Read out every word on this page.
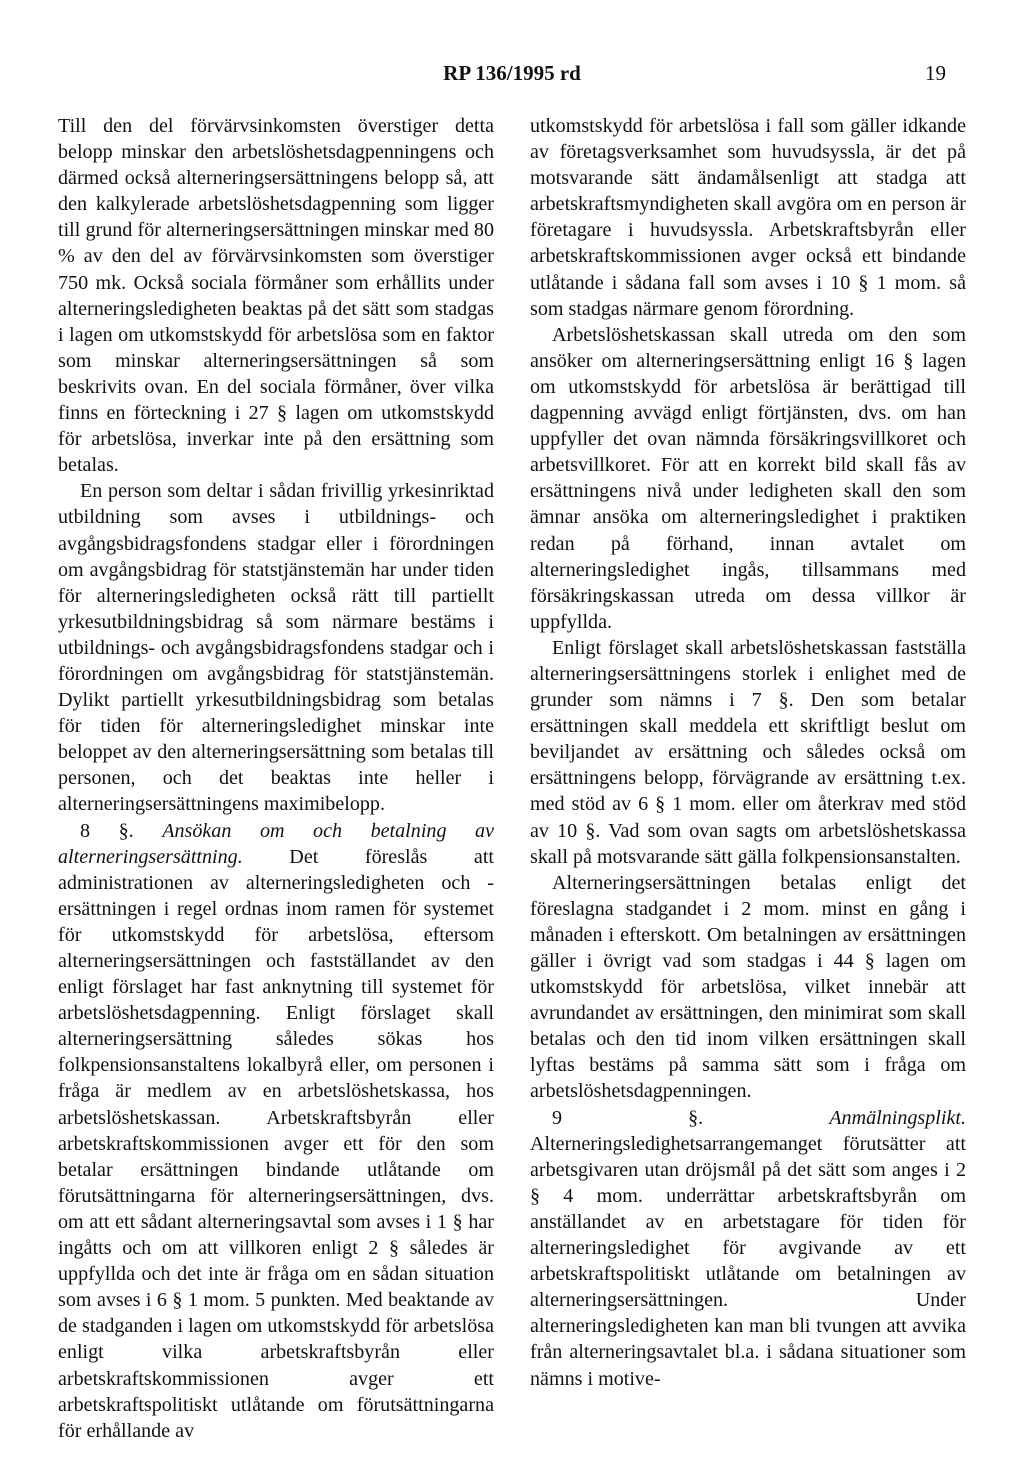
RP 136/1995 rd	19

Till den del förvärvsinkomsten överstiger detta belopp minskar den arbetslöshetsdagpenningens och därmed också alterneringsersättningens belopp så, att den kalkylerade arbetslöshetsdagpenning som ligger till grund för alterneringsersättningen minskar med 80 % av den del av förvärvsinkomsten som överstiger 750 mk. Också sociala förmåner som erhållits under alterneringsledigheten beaktas på det sätt som stadgas i lagen om utkomstskydd för arbetslösa som en faktor som minskar alterneringsersättningen så som beskrivits ovan. En del sociala förmåner, över vilka finns en förteckning i 27 § lagen om utkomstskydd för arbetslösa, inverkar inte på den ersättning som betalas.

En person som deltar i sådan frivillig yrkesinriktad utbildning som avses i utbildnings- och avgångsbidragsfondens stadgar eller i förordningen om avgångsbidrag för statstjänstemän har under tiden för alterneringsledigheten också rätt till partiellt yrkesutbildningsbidrag så som närmare bestäms i utbildnings- och avgångsbidragsfondens stadgar och i förordningen om avgångsbidrag för statstjänstemän. Dylikt partiellt yrkesutbildningsbidrag som betalas för tiden för alterneringsledighet minskar inte beloppet av den alterneringsersättning som betalas till personen, och det beaktas inte heller i alterneringsersättningens maximibelopp.

8 §. Ansökan om och betalning av alterneringsersättning. Det föreslås att administrationen av alterneringsledigheten och -ersättningen i regel ordnas inom ramen för systemet för utkomstskydd för arbetslösa, eftersom alterneringsersättningen och fastställandet av den enligt förslaget har fast anknytning till systemet för arbetslöshetsdagpenning. Enligt förslaget skall alterneringsersättning således sökas hos folkpensionsanstaltens lokalbyrå eller, om personen i fråga är medlem av en arbetslöshetskassa, hos arbetslöshetskassan. Arbetskraftsbyrån eller arbetskraftskommissionen avger ett för den som betalar ersättningen bindande utlåtande om förutsättningarna för alterneringsersättningen, dvs. om att ett sådant alterneringsavtal som avses i 1 § har ingåtts och om att villkoren enligt 2 § således är uppfyllda och det inte är fråga om en sådan situation som avses i 6 § 1 mom. 5 punkten. Med beaktande av de stadganden i lagen om utkomstskydd för arbetslösa enligt vilka arbetskraftsbyrån eller arbetskraftskommissionen avger ett arbetskraftspolitiskt utlåtande om förutsättningarna för erhållande av

utkomstskydd för arbetslösa i fall som gäller idkande av företagsverksamhet som huvudsyssla, är det på motsvarande sätt ändamålsenligt att stadga att arbetskraftsmyndigheten skall avgöra om en person är företagare i huvudsyssla. Arbetskraftsbyrån eller arbetskraftskommissionen avger också ett bindande utlåtande i sådana fall som avses i 10 § 1 mom. så som stadgas närmare genom förordning.

Arbetslöshetskassan skall utreda om den som ansöker om alterneringsersättning enligt 16 § lagen om utkomstskydd för arbetslösa är berättigad till dagpenning avvägd enligt förtjänsten, dvs. om han uppfyller det ovan nämnda försäkringsvillkoret och arbetsvillkoret. För att en korrekt bild skall fås av ersättningens nivå under ledigheten skall den som ämnar ansöka om alterneringsledighet i praktiken redan på förhand, innan avtalet om alterneringsledighet ingås, tillsammans med försäkringskassan utreda om dessa villkor är uppfyllda.

Enligt förslaget skall arbetslöshetskassan fastställa alterneringsersättningens storlek i enlighet med de grunder som nämns i 7 §. Den som betalar ersättningen skall meddela ett skriftligt beslut om beviljandet av ersättning och således också om ersättningens belopp, förvägrande av ersättning t.ex. med stöd av 6 § 1 mom. eller om återkrav med stöd av 10 §. Vad som ovan sagts om arbetslöshetskassa skall på motsvarande sätt gälla folkpensionsanstalten.

Alterneringsersättningen betalas enligt det föreslagna stadgandet i 2 mom. minst en gång i månaden i efterskott. Om betalningen av ersättningen gäller i övrigt vad som stadgas i 44 § lagen om utkomstskydd för arbetslösa, vilket innebär att avrundandet av ersättningen, den minimirat som skall betalas och den tid inom vilken ersättningen skall lyftas bestäms på samma sätt som i fråga om arbetslöshetsdagpenningen.

9 §. Anmälningsplikt. Alterneringsledighetsarrangemanget förutsätter att arbetsgivaren utan dröjsmål på det sätt som anges i 2 § 4 mom. underrättar arbetskraftsbyrån om anställandet av en arbetstagare för tiden för alterneringsledighet för avgivande av ett arbetskraftspolitiskt utlåtande om betalningen av alterneringsersättningen. Under alterneringsledigheten kan man bli tvungen att avvika från alterneringsavtalet bl.a. i sådana situationer som nämns i motive-
